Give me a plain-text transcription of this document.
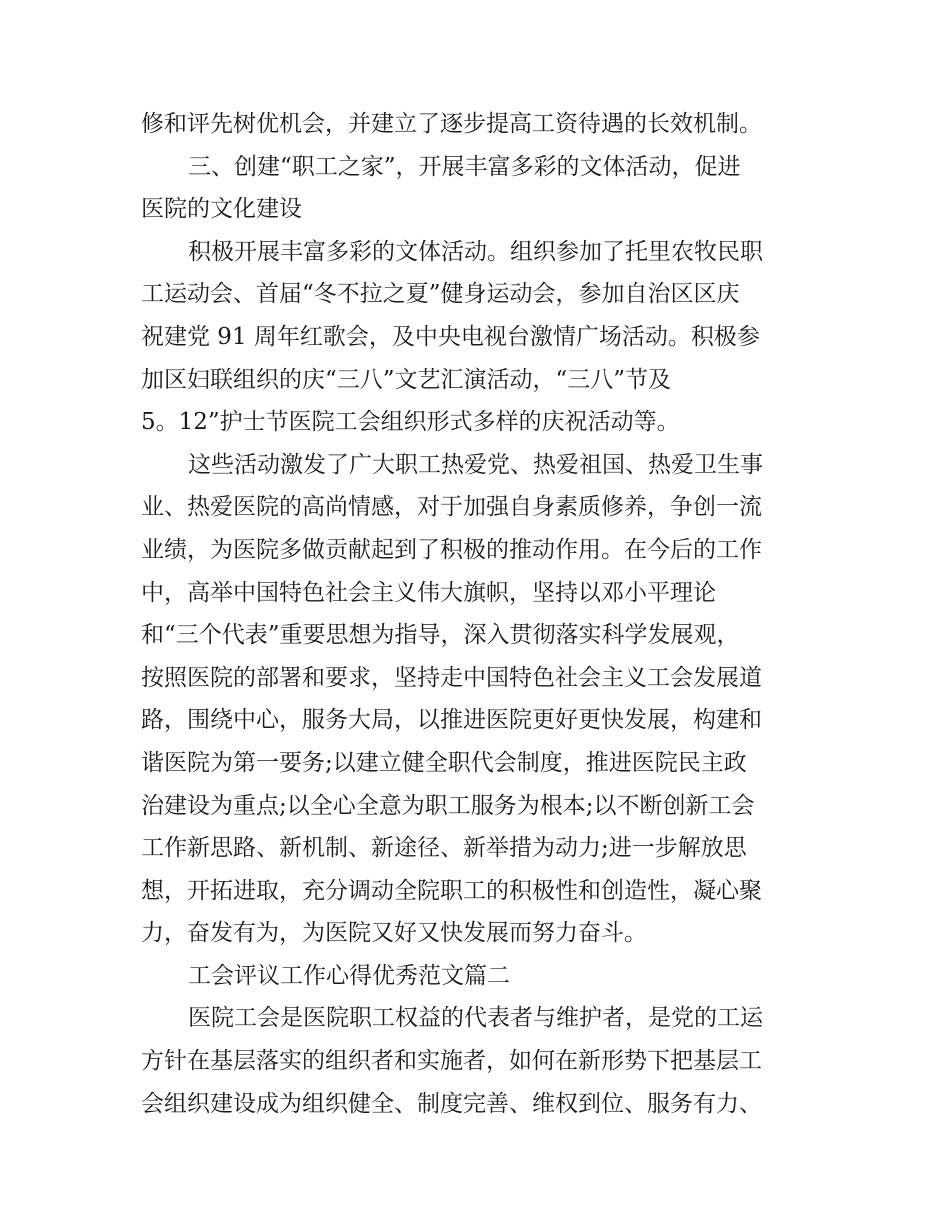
修和评先树优机会，并建立了逐步提高工资待遇的长效机制。
三、创建“职工之家”，开展丰富多彩的文体活动，促进
医院的文化建设
积极开展丰富多彩的文体活动。组织参加了托里农牧民职
工运动会、首届“冬不拉之夏”健身运动会，参加自治区区庆
祝建党 91 周年红歌会，及中央电视台激情广场活动。积极参
加区妇联组织的庆“三八”文艺汇演活动，“三八”节及
5。12”护士节医院工会组织形式多样的庆祝活动等。
这些活动激发了广大职工热爱党、热爱祖国、热爱卫生事
业、热爱医院的高尚情感，对于加强自身素质修养，争创一流
业绩，为医院多做贡献起到了积极的推动作用。在今后的工作
中，高举中国特色社会主义伟大旗帜，坚持以邓小平理论
和“三个代表”重要思想为指导，深入贯彻落实科学发展观，
按照医院的部署和要求，坚持走中国特色社会主义工会发展道
路，围绕中心，服务大局，以推进医院更好更快发展，构建和
谐医院为第一要务;以建立健全职代会制度，推进医院民主政
治建设为重点;以全心全意为职工服务为根本;以不断创新工会
工作新思路、新机制、新途径、新举措为动力;进一步解放思
想，开拓进取，充分调动全院职工的积极性和创造性，凝心聚
力，奋发有为，为医院又好又快发展而努力奋斗。
工会评议工作心得优秀范文篇二
医院工会是医院职工权益的代表者与维护者，是党的工运
方针在基层落实的组织者和实施者，如何在新形势下把基层工
会组织建设成为组织健全、制度完善、维权到位、服务有力、
